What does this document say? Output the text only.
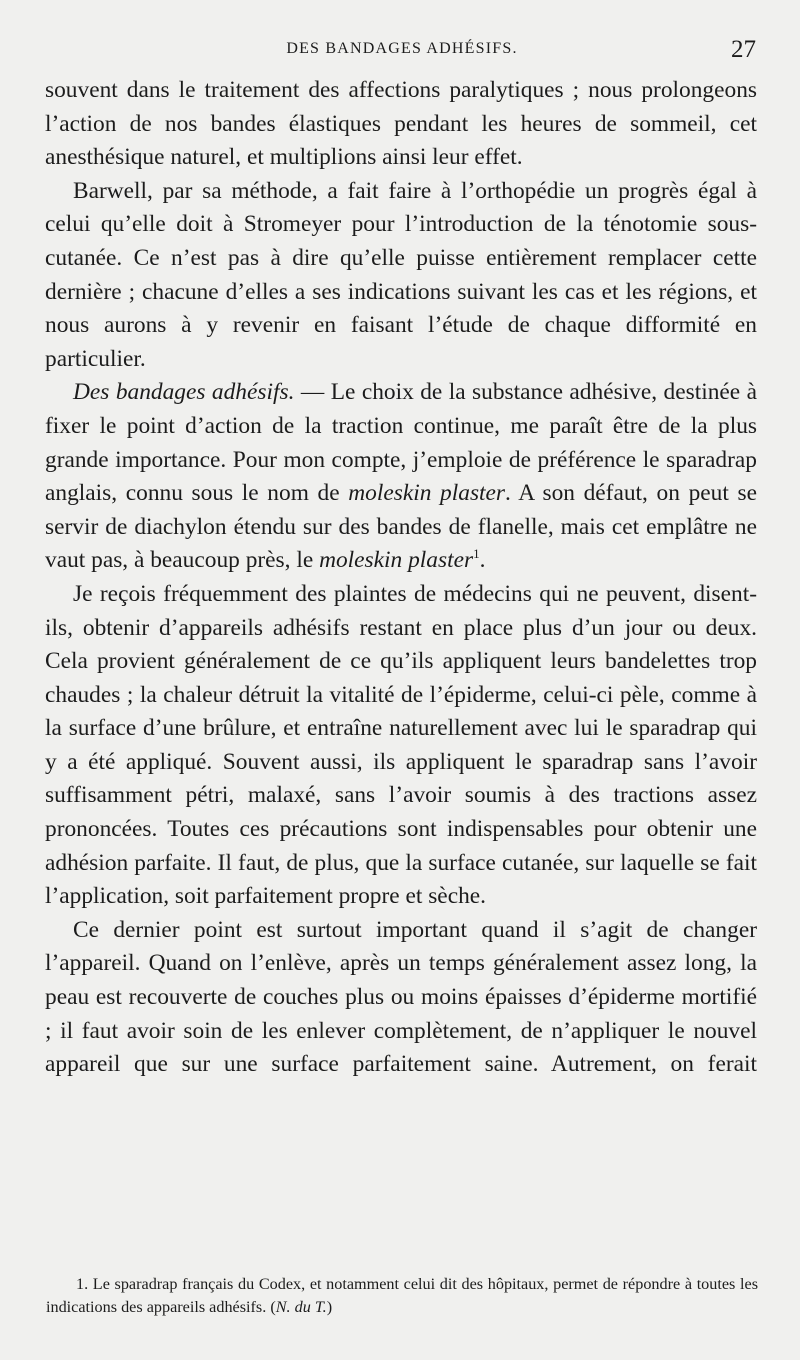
DES BANDAGES ADHÉSIFS.	27

souvent dans le traitement des affections paralytiques ; nous prolongeons l’action de nos bandes élastiques pendant les heures de sommeil, cet anesthésique naturel, et multiplions ainsi leur effet.

Barwell, par sa méthode, a fait faire à l’orthopédie un progrès égal à celui qu’elle doit à Stromeyer pour l’introduction de la ténotomie sous-cutanée. Ce n’est pas à dire qu’elle puisse entièrement remplacer cette dernière ; chacune d’elles a ses indications suivant les cas et les régions, et nous aurons à y revenir en faisant l’étude de chaque difformité en particulier.

Des bandages adhésifs. — Le choix de la substance adhésive, destinée à fixer le point d’action de la traction continue, me paraît être de la plus grande importance. Pour mon compte, j’emploie de préférence le sparadrap anglais, connu sous le nom de moleskin plaster. A son défaut, on peut se servir de diachylon étendu sur des bandes de flanelle, mais cet emplâtre ne vaut pas, à beaucoup près, le moleskin plaster$^1$.

Je reçois fréquemment des plaintes de médecins qui ne peuvent, disent-ils, obtenir d’appareils adhésifs restant en place plus d’un jour ou deux. Cela provient généralement de ce qu’ils appliquent leurs bandelettes trop chaudes ; la chaleur détruit la vitalité de l’épiderme, celui-ci pèle, comme à la surface d’une brûlure, et entraîne naturellement avec lui le sparadrap qui y a été appliqué. Souvent aussi, ils appliquent le sparadrap sans l’avoir suffisamment pétri, malaxé, sans l’avoir soumis à des tractions assez prononcées. Toutes ces précautions sont indispensables pour obtenir une adhésion parfaite. Il faut, de plus, que la surface cutanée, sur laquelle se fait l’application, soit parfaitement propre et sèche.

Ce dernier point est surtout important quand il s’agit de changer l’appareil. Quand on l’enlève, après un temps généralement assez long, la peau est recouverte de couches plus ou moins épaisses d’épiderme mortifié ; il faut avoir soin de les enlever complètement, de n’appliquer le nouvel appareil que sur une surface parfaitement saine. Autrement, on ferait

1. Le sparadrap français du Codex, et notamment celui dit des hôpitaux, permet de répondre à toutes les indications des appareils adhésifs. (N. du T.)
